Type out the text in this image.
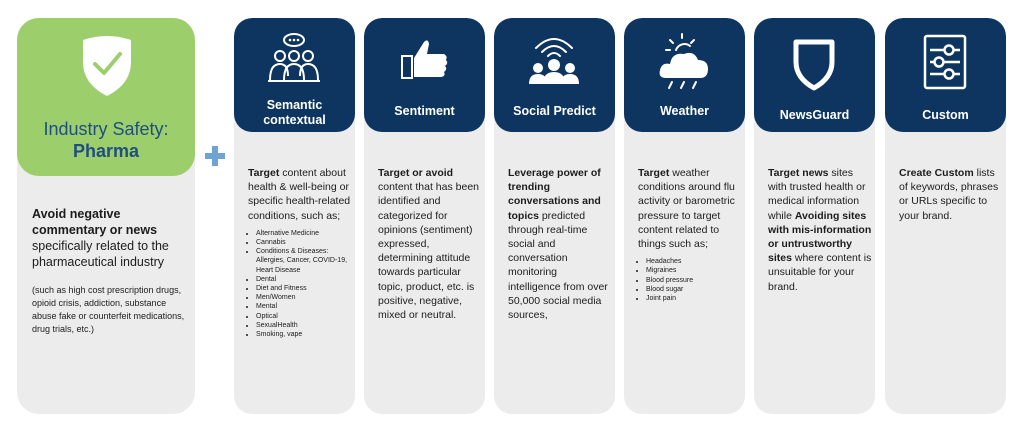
Industry Safety:
Pharma
Avoid negative commentary or news specifically related to the pharmaceutical industry
(such as high cost prescription drugs, opioid crisis, addiction, substance abuse fake or counterfeit medications, drug trials, etc.)
Semantic contextual
Target content about health & well-being or specific health-related conditions, such as;
• Alternative Medicine
• Cannabis
• Conditions & Diseases: Allergies, Cancer, COVID-19, Heart Disease
• Dental
• Diet and Fitness
• Men/Women
• Mental
• Optical
• SexualHealth
• Smoking, vape
Sentiment
Target or avoid content that has been identified and categorized for opinions (sentiment) expressed, determining attitude towards particular topic, product, etc. is positive, negative, mixed or neutral.
Social Predict
Leverage power of trending conversations and topics predicted through real-time social and conversation monitoring intelligence from over 50,000 social media sources,
Weather
Target weather conditions around flu activity or barometric pressure to target content related to things such as;
• Headaches
• Migraines
• Blood pressure
• Blood sugar
• Joint pain
NewsGuard
Target news sites with trusted health or medical information while Avoiding sites with mis-information or untrustworthy sites where content is unsuitable for your brand.
Custom
Create Custom lists of keywords, phrases or URLs specific to your brand.
